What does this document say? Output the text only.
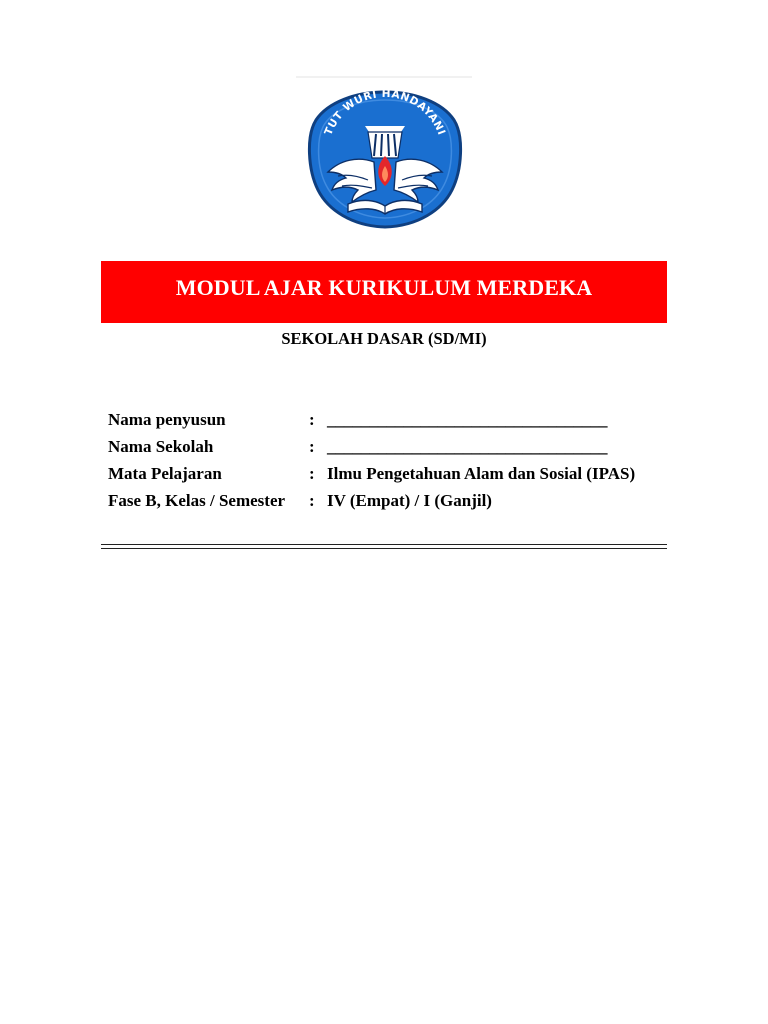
TUT WURI HANDAYANI
MODUL AJAR KURIKULUM MERDEKA
SEKOLAH DASAR (SD/MI)
Nama penyusun	: _________________________________
Nama Sekolah	: _________________________________
Mata Pelajaran	: Ilmu Pengetahuan Alam dan Sosial (IPAS)
Fase B, Kelas / Semester : IV (Empat) / I (Ganjil)
